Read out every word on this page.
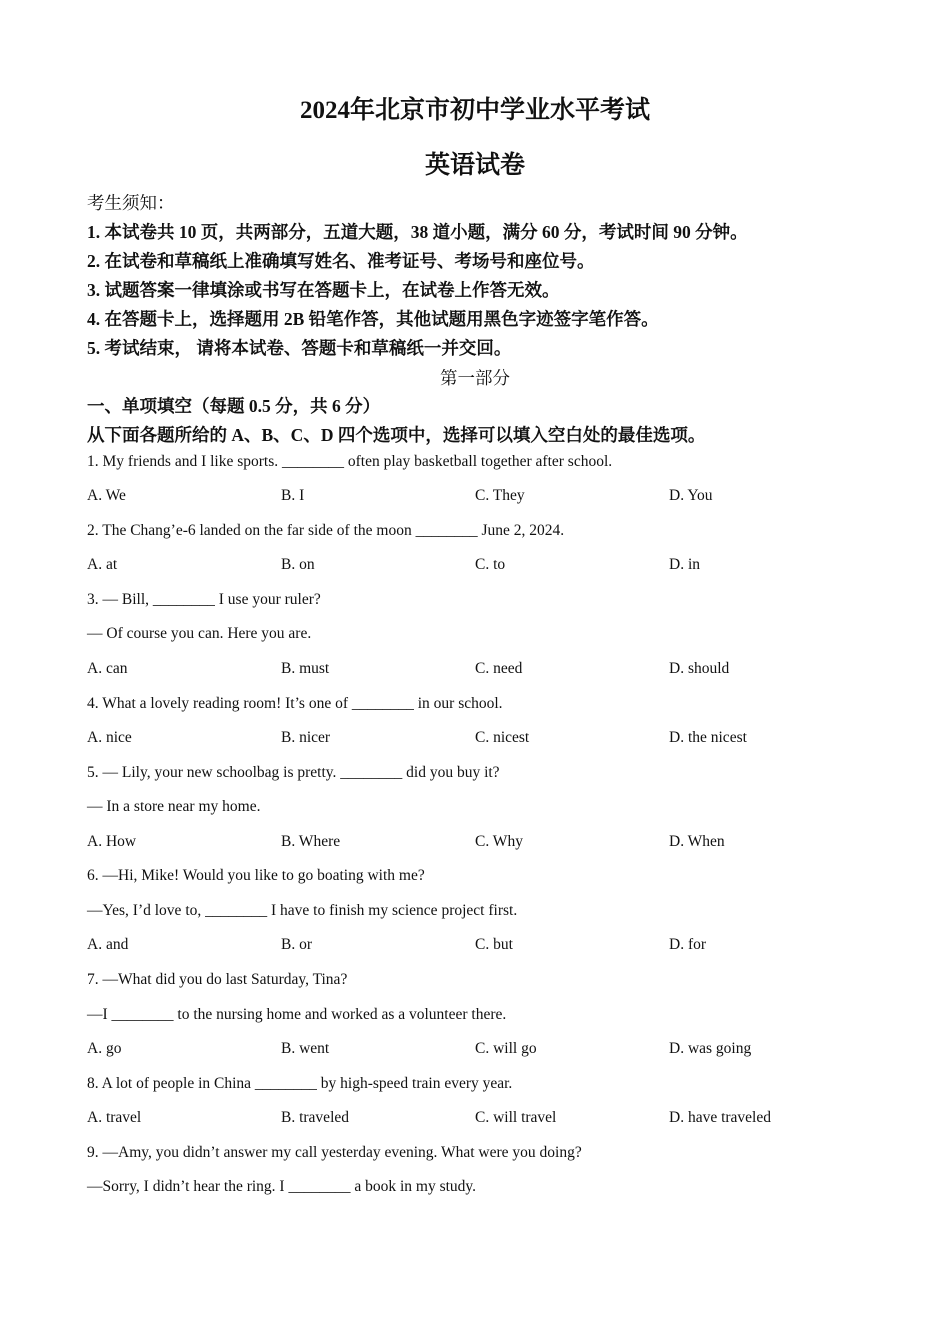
2024年北京市初中学业水平考试
英语试卷
考生须知：
1. 本试卷共 10 页，共两部分，五道大题，38 道小题，满分 60 分，考试时间 90 分钟。
2. 在试卷和草稿纸上准确填写姓名、准考证号、考场号和座位号。
3. 试题答案一律填涂或书写在答题卡上，在试卷上作答无效。
4. 在答题卡上，选择题用 2B 铅笔作答，其他试题用黑色字迹签字笔作答。
5. 考试结束， 请将本试卷、答题卡和草稿纸一并交回。
第一部分
一、单项填空（每题 0.5 分，共 6 分）
从下面各题所给的 A、B、C、D 四个选项中，选择可以填入空白处的最佳选项。
1. My friends and I like sports. ________ often play basketball together after school.
A. We	B. I	C. They	D. You
2. The Chang’e-6 landed on the far side of the moon ________ June 2, 2024.
A. at	B. on	C. to	D. in
3. — Bill, ________ I use your ruler?
— Of course you can. Here you are.
A. can	B. must	C. need	D. should
4. What a lovely reading room! It’s one of ________ in our school.
A. nice	B. nicer	C. nicest	D. the nicest
5. — Lily, your new schoolbag is pretty. ________ did you buy it?
— In a store near my home.
A. How	B. Where	C. Why	D. When
6. —Hi, Mike! Would you like to go boating with me?
—Yes, I’d love to, ________ I have to finish my science project first.
A. and	B. or	C. but	D. for
7. —What did you do last Saturday, Tina?
—I ________ to the nursing home and worked as a volunteer there.
A. go	B. went	C. will go	D. was going
8. A lot of people in China ________ by high-speed train every year.
A. travel	B. traveled	C. will travel	D. have traveled
9. —Amy, you didn’t answer my call yesterday evening. What were you doing?
—Sorry, I didn’t hear the ring. I ________ a book in my study.
